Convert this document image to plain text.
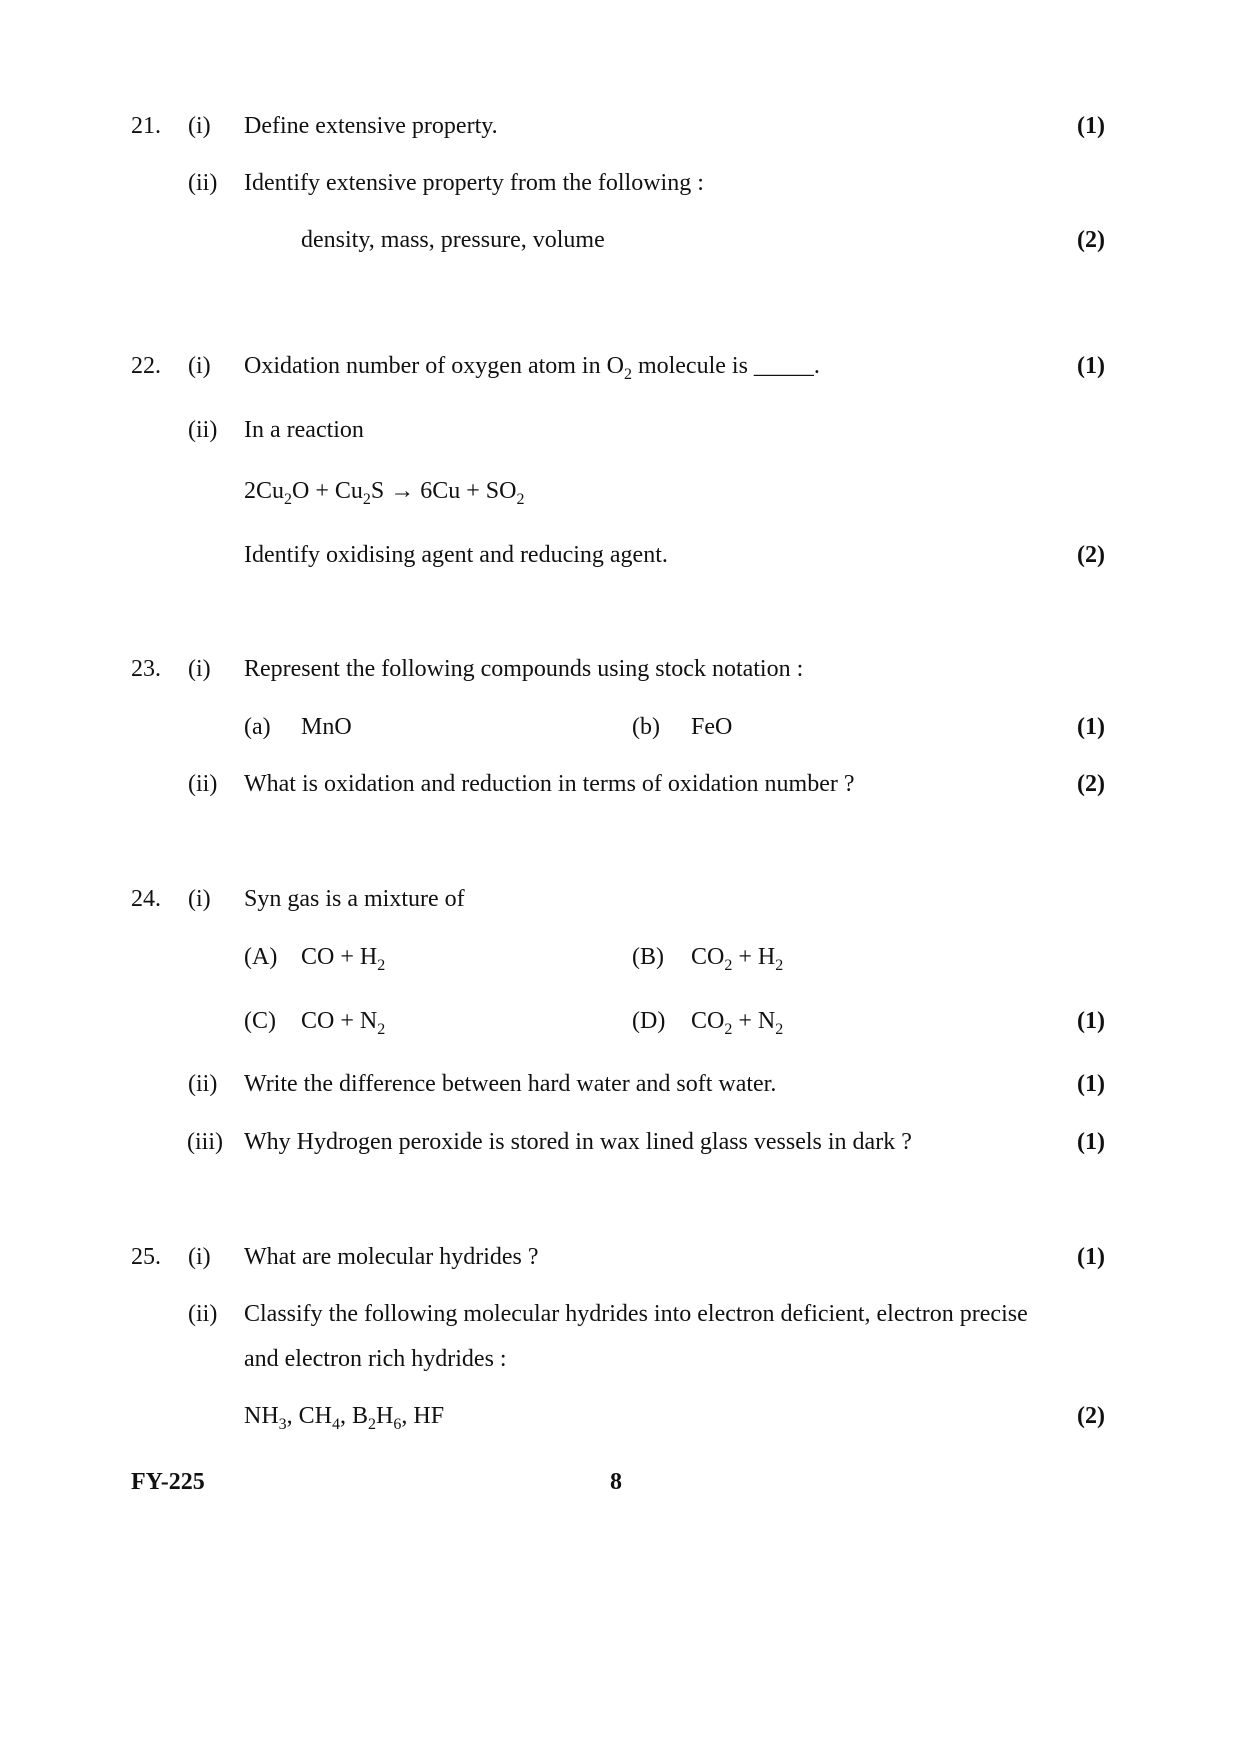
21. (i) Define extensive property.	(1)
(ii) Identify extensive property from the following :
density, mass, pressure, volume	(2)
22. (i) Oxidation number of oxygen atom in $O_2$ molecule is _____.	(1)
(ii) In a reaction
$2Cu_2O + Cu_2S \to 6Cu + SO_2$
Identify oxidising agent and reducing agent.	(2)
23. (i) Represent the following compounds using stock notation :
(a) MnO	(b) FeO	(1)
(ii) What is oxidation and reduction in terms of oxidation number ?	(2)
24. (i) Syn gas is a mixture of
(A) CO + $H_2$	(B) $CO_2 + H_2$
(C) CO + $N_2$	(D) $CO_2 + N_2$	(1)
(ii) Write the difference between hard water and soft water.	(1)
(iii) Why Hydrogen peroxide is stored in wax lined glass vessels in dark ?	(1)
25. (i) What are molecular hydrides ?	(1)
(ii) Classify the following molecular hydrides into electron deficient, electron precise
and electron rich hydrides :
$NH_3$, $CH_4$, $B_2H_6$, HF	(2)
FY-225	8
